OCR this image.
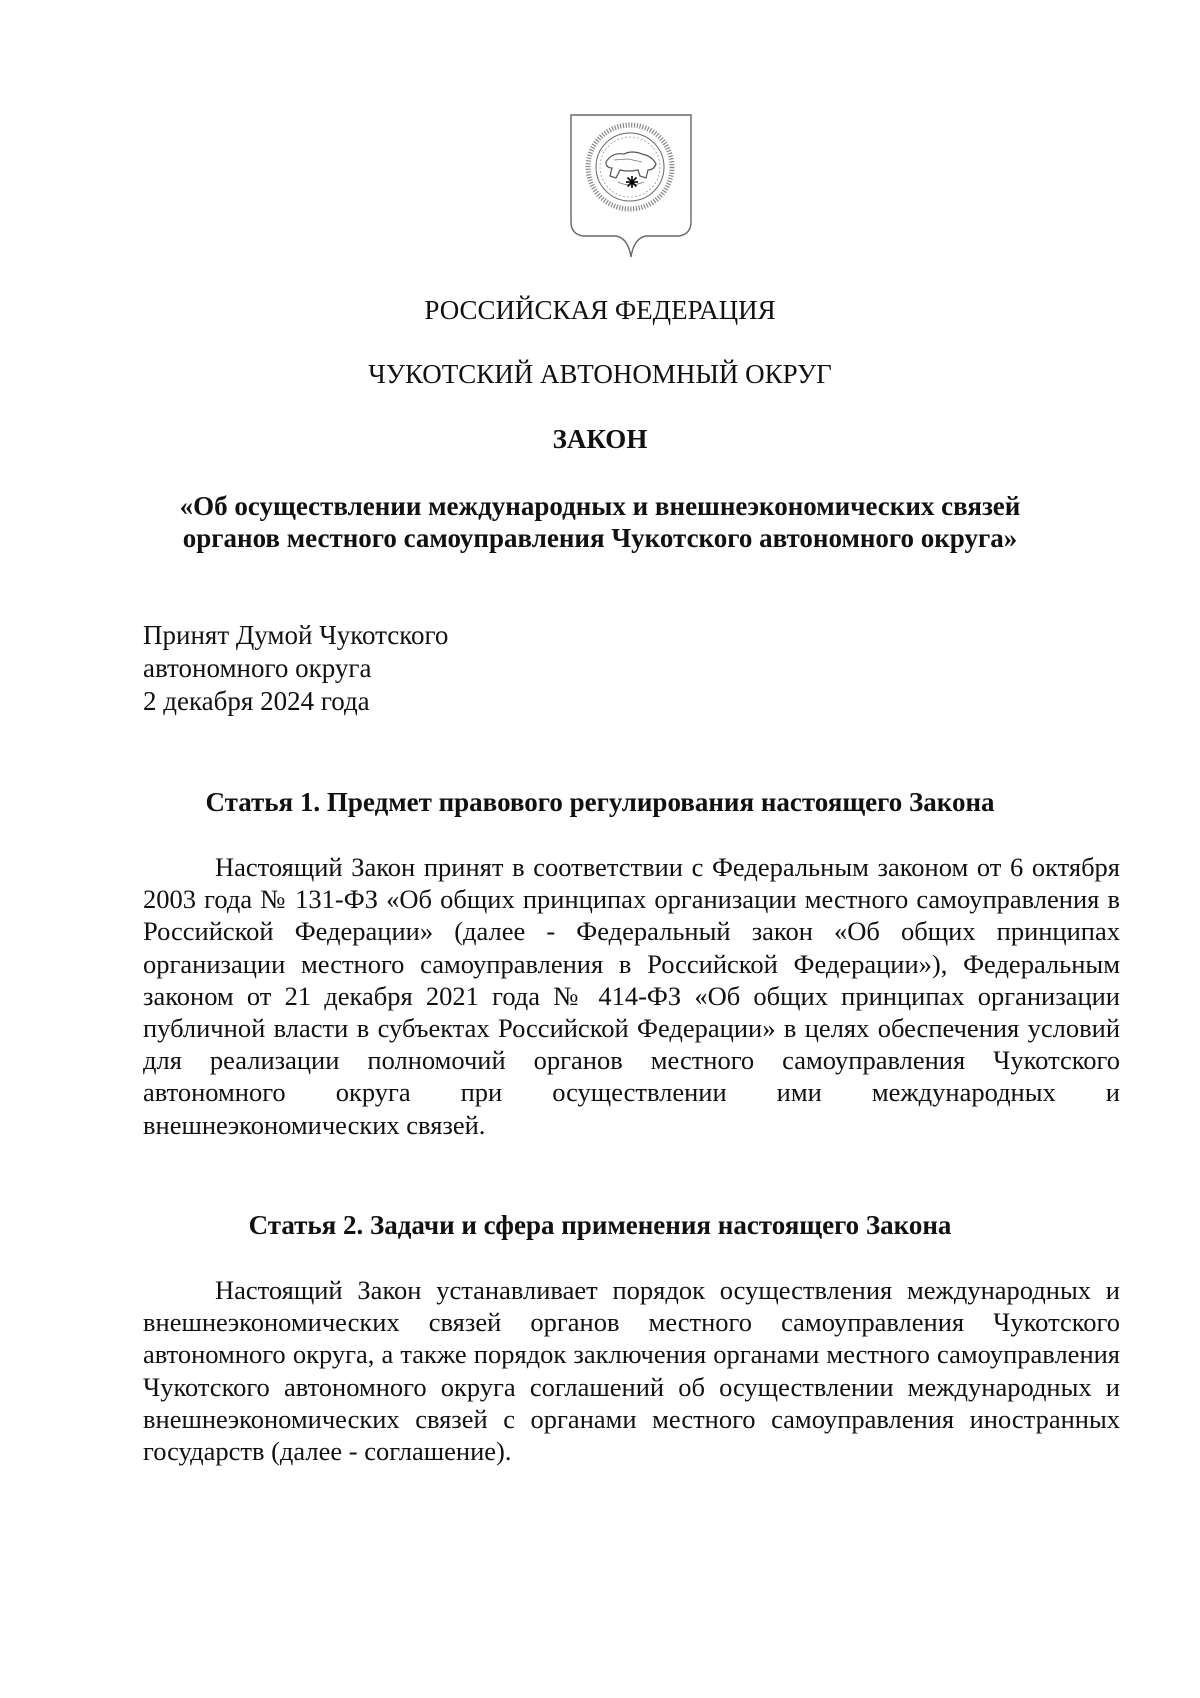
РОССИЙСКАЯ ФЕДЕРАЦИЯ
ЧУКОТСКИЙ АВТОНОМНЫЙ ОКРУГ
ЗАКОН
«Об осуществлении международных и внешнеэкономических связей
органов местного самоуправления Чукотского автономного округа»
Принят Думой Чукотского
автономного округа
2 декабря 2024 года
Статья 1. Предмет правового регулирования настоящего Закона
Настоящий Закон принят в соответствии с Федеральным законом от 6 октября 2003 года № 131-ФЗ «Об общих принципах организации местного самоуправления в Российской Федерации» (далее - Федеральный закон «Об общих принципах организации местного самоуправления в Российской Федерации»), Федеральным законом от 21 декабря 2021 года № 414-ФЗ «Об общих принципах организации публичной власти в субъектах Российской Федерации» в целях обеспечения условий для реализации полномочий органов местного самоуправления Чукотского автономного округа при осуществлении ими международных и внешнеэкономических связей.
Статья 2. Задачи и сфера применения настоящего Закона
Настоящий Закон устанавливает порядок осуществления международных и внешнеэкономических связей органов местного самоуправления Чукотского автономного округа, а также порядок заключения органами местного самоуправления Чукотского автономного округа соглашений об осуществлении международных и внешнеэкономических связей с органами местного самоуправления иностранных государств (далее - соглашение).
